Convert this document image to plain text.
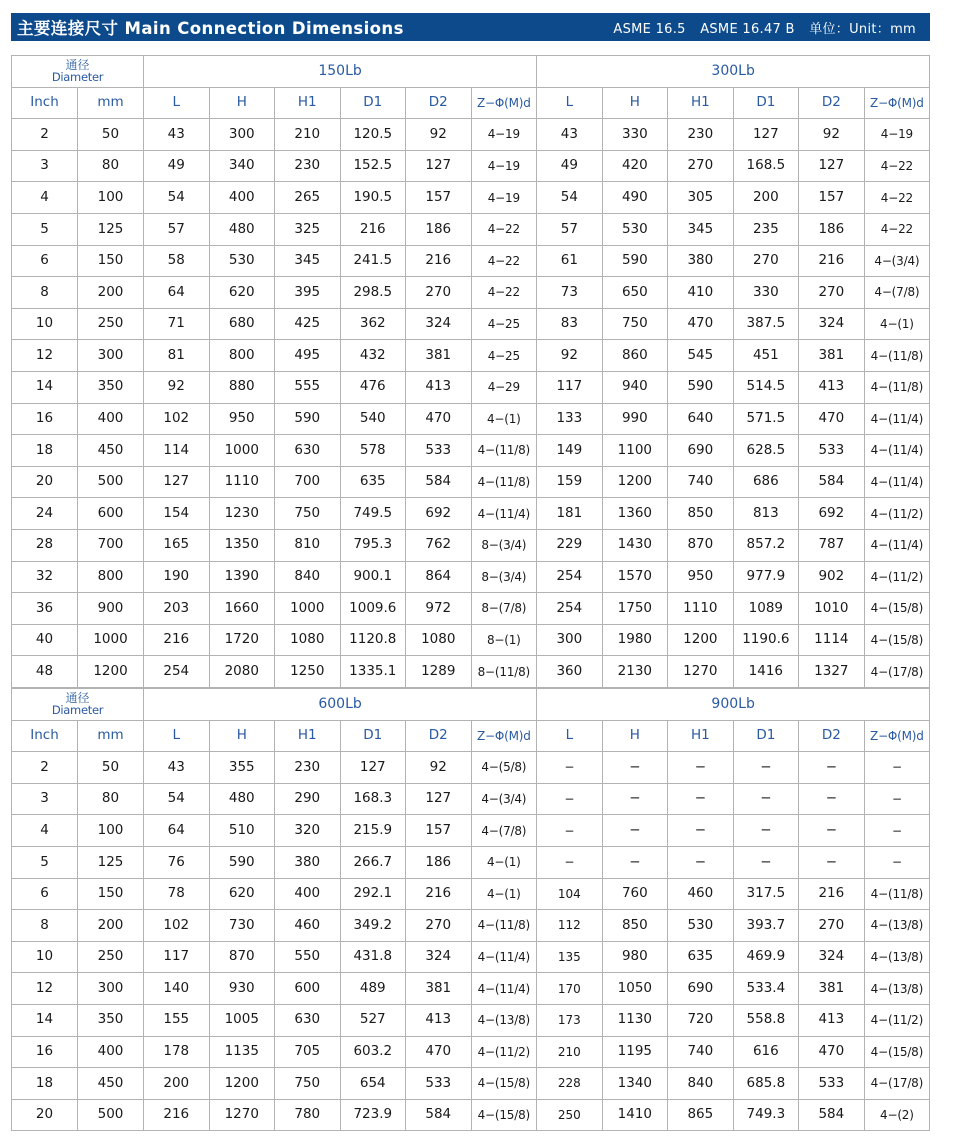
主要连接尺寸 Main Connection Dimensions	ASME 16.5 ASME 16.47 B 单位：Unit：mm
通径
Diameter		150Lb						300Lb					
Inch	mm	L	H	H1	D1	D2	Z−Φ(M)d	L	H	H1	D1	D2	Z−Φ(M)d
2	50	43	300	210	120.5	92	4−19	43	330	230	127	92	4−19
3	80	49	340	230	152.5	127	4−19	49	420	270	168.5	127	4−22
4	100	54	400	265	190.5	157	4−19	54	490	305	200	157	4−22
5	125	57	480	325	216	186	4−22	57	530	345	235	186	4−22
6	150	58	530	345	241.5	216	4−22	61	590	380	270	216	4−(3/4)
8	200	64	620	395	298.5	270	4−22	73	650	410	330	270	4−(7/8)
10	250	71	680	425	362	324	4−25	83	750	470	387.5	324	4−(1)
12	300	81	800	495	432	381	4−25	92	860	545	451	381	4−(11/8)
14	350	92	880	555	476	413	4−29	117	940	590	514.5	413	4−(11/8)
16	400	102	950	590	540	470	4−(1)	133	990	640	571.5	470	4−(11/4)
18	450	114	1000	630	578	533	4−(11/8)	149	1100	690	628.5	533	4−(11/4)
20	500	127	1110	700	635	584	4−(11/8)	159	1200	740	686	584	4−(11/4)
24	600	154	1230	750	749.5	692	4−(11/4)	181	1360	850	813	692	4−(11/2)
28	700	165	1350	810	795.3	762	8−(3/4)	229	1430	870	857.2	787	4−(11/4)
32	800	190	1390	840	900.1	864	8−(3/4)	254	1570	950	977.9	902	4−(11/2)
36	900	203	1660	1000	1009.6	972	8−(7/8)	254	1750	1110	1089	1010	4−(15/8)
40	1000	216	1720	1080	1120.8	1080	8−(1)	300	1980	1200	1190.6	1114	4−(15/8)
48	1200	254	2080	1250	1335.1	1289	8−(11/8)	360	2130	1270	1416	1327	4−(17/8)
通径
Diameter		600Lb						900Lb					
Inch	mm	L	H	H1	D1	D2	Z−Φ(M)d	L	H	H1	D1	D2	Z−Φ(M)d
2	50	43	355	230	127	92	4−(5/8)	−	−	−	−	−	−
3	80	54	480	290	168.3	127	4−(3/4)	−	−	−	−	−	−
4	100	64	510	320	215.9	157	4−(7/8)	−	−	−	−	−	−
5	125	76	590	380	266.7	186	4−(1)	−	−	−	−	−	−
6	150	78	620	400	292.1	216	4−(1)	104	760	460	317.5	216	4−(11/8)
8	200	102	730	460	349.2	270	4−(11/8)	112	850	530	393.7	270	4−(13/8)
10	250	117	870	550	431.8	324	4−(11/4)	135	980	635	469.9	324	4−(13/8)
12	300	140	930	600	489	381	4−(11/4)	170	1050	690	533.4	381	4−(13/8)
14	350	155	1005	630	527	413	4−(13/8)	173	1130	720	558.8	413	4−(11/2)
16	400	178	1135	705	603.2	470	4−(11/2)	210	1195	740	616	470	4−(15/8)
18	450	200	1200	750	654	533	4−(15/8)	228	1340	840	685.8	533	4−(17/8)
20	500	216	1270	780	723.9	584	4−(15/8)	250	1410	865	749.3	584	4−(2)
